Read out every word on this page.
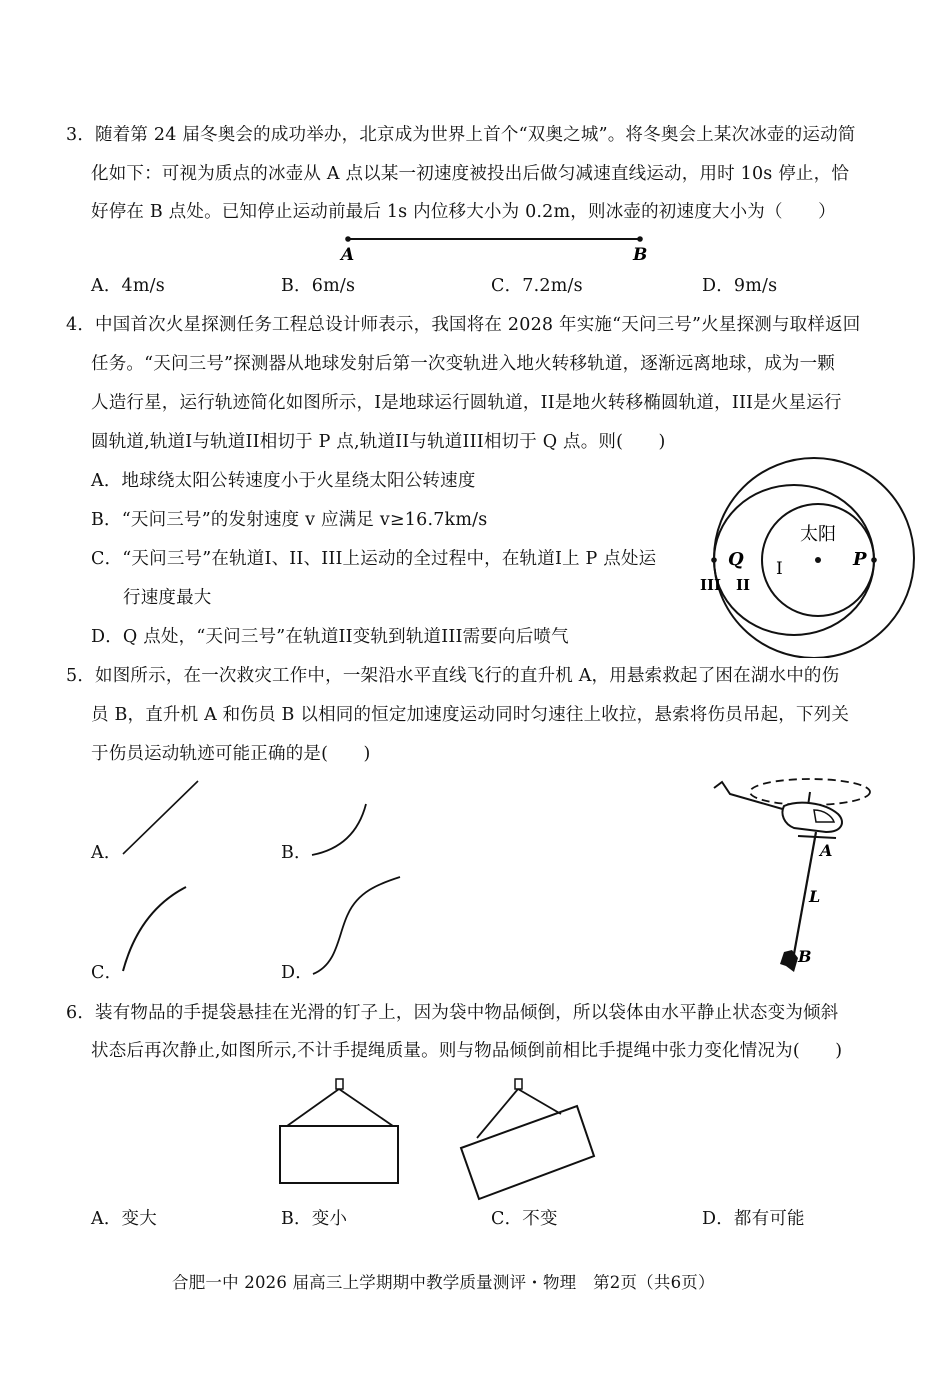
3．随着第 24 届冬奥会的成功举办，北京成为世界上首个“双奥之城”。将冬奥会上某次冰壶的运动简
化如下：可视为质点的冰壶从 A 点以某一初速度被投出后做匀减速直线运动，用时 10s 停止，恰
好停在 B 点处。已知停止运动前最后 1s 内位移大小为 0.2m，则冰壶的初速度大小为（　　）
A	B
A．4m/s	B．6m/s	C．7.2m/s	D．9m/s
4．中国首次火星探测任务工程总设计师表示，我国将在 2028 年实施“天问三号”火星探测与取样返回
任务。“天问三号”探测器从地球发射后第一次变轨进入地火转移轨道，逐渐远离地球，成为一颗
人造行星，运行轨迹简化如图所示，I是地球运行圆轨道，II是地火转移椭圆轨道，III是火星运行
圆轨道,轨道I与轨道II相切于 P 点,轨道II与轨道III相切于 Q 点。则(　　)
A．地球绕太阳公转速度小于火星绕太阳公转速度
B．“天问三号”的发射速度 v 应满足 v≥16.7km/s
C．“天问三号”在轨道I、II、III上运动的全过程中，在轨道I上 P 点处运
行速度最大
D．Q 点处，“天问三号”在轨道II变轨到轨道III需要向后喷气
太阳
Q	P
I
II
III
5．如图所示，在一次救灾工作中，一架沿水平直线飞行的直升机 A，用悬索救起了困在湖水中的伤
员 B，直升机 A 和伤员 B 以相同的恒定加速度运动同时匀速往上收拉，悬索将伤员吊起，下列关
于伤员运动轨迹可能正确的是(　　)
A．	B．
C．	D．
A
L
B
6．装有物品的手提袋悬挂在光滑的钉子上，因为袋中物品倾倒，所以袋体由水平静止状态变为倾斜
状态后再次静止,如图所示,不计手提绳质量。则与物品倾倒前相比手提绳中张力变化情况为(　　)
A．变大	B．变小	C．不变	D．都有可能
合肥一中 2026 届高三上学期期中教学质量测评・物理　第2页（共6页）
